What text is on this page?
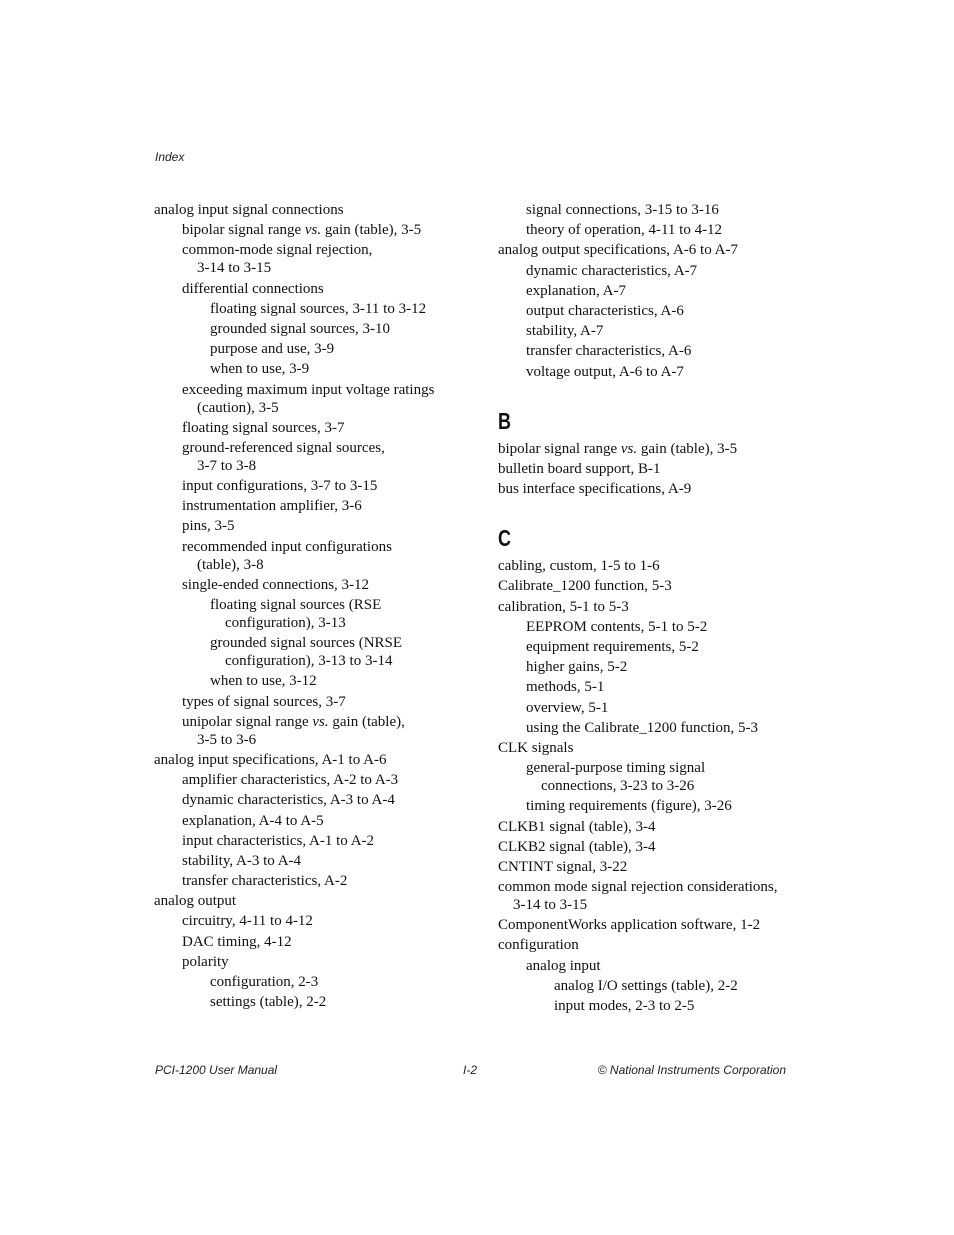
Index
analog input signal connections
bipolar signal range vs. gain (table), 3-5
common-mode signal rejection,
3-14 to 3-15
differential connections
floating signal sources, 3-11 to 3-12
grounded signal sources, 3-10
purpose and use, 3-9
when to use, 3-9
exceeding maximum input voltage ratings
(caution), 3-5
floating signal sources, 3-7
ground-referenced signal sources,
3-7 to 3-8
input configurations, 3-7 to 3-15
instrumentation amplifier, 3-6
pins, 3-5
recommended input configurations
(table), 3-8
single-ended connections, 3-12
floating signal sources (RSE
configuration), 3-13
grounded signal sources (NRSE
configuration), 3-13 to 3-14
when to use, 3-12
types of signal sources, 3-7
unipolar signal range vs. gain (table),
3-5 to 3-6
analog input specifications, A-1 to A-6
amplifier characteristics, A-2 to A-3
dynamic characteristics, A-3 to A-4
explanation, A-4 to A-5
input characteristics, A-1 to A-2
stability, A-3 to A-4
transfer characteristics, A-2
analog output
circuitry, 4-11 to 4-12
DAC timing, 4-12
polarity
configuration, 2-3
settings (table), 2-2
signal connections, 3-15 to 3-16
theory of operation, 4-11 to 4-12
analog output specifications, A-6 to A-7
dynamic characteristics, A-7
explanation, A-7
output characteristics, A-6
stability, A-7
transfer characteristics, A-6
voltage output, A-6 to A-7
B
bipolar signal range vs. gain (table), 3-5
bulletin board support, B-1
bus interface specifications, A-9
C
cabling, custom, 1-5 to 1-6
Calibrate_1200 function, 5-3
calibration, 5-1 to 5-3
EEPROM contents, 5-1 to 5-2
equipment requirements, 5-2
higher gains, 5-2
methods, 5-1
overview, 5-1
using the Calibrate_1200 function, 5-3
CLK signals
general-purpose timing signal
connections, 3-23 to 3-26
timing requirements (figure), 3-26
CLKB1 signal (table), 3-4
CLKB2 signal (table), 3-4
CNTINT signal, 3-22
common mode signal rejection considerations,
3-14 to 3-15
ComponentWorks application software, 1-2
configuration
analog input
analog I/O settings (table), 2-2
input modes, 2-3 to 2-5
PCI-1200 User Manual	I-2	© National Instruments Corporation
